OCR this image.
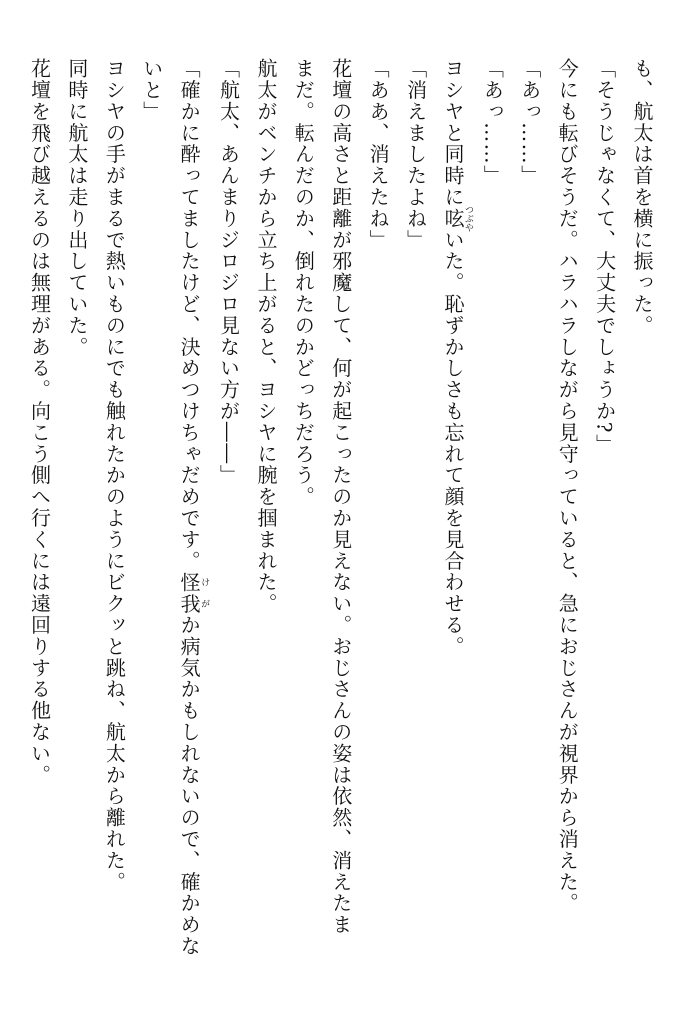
も、航太は首を横に振った。
「そうじゃなくて、大丈夫でしょうか?」
今にも転びそうだ。ハラハラしながら見守っていると、急におじさんが視界から消えた。
「あっ……」
「あっ……」
ヨシヤと同時に呟つぶやいた。恥ずかしさも忘れて顔を見合わせる。
「消えましたよね」
「ああ、消えたね」
花壇の高さと距離が邪魔して、何が起こったのか見えない。おじさんの姿は依然、消えたま
まだ。転んだのか、倒れたのかどっちだろう。
航太がベンチから立ち上がると、ヨシヤに腕を掴まれた。
「航太、あんまりジロジロ見ない方が――」
「確かに酔ってましたけど、決めつけちゃだめです。怪我けがか病気かもしれないので、確かめな
いと」
ヨシヤの手がまるで熱いものにでも触れたかのようにビクッと跳ね、航太から離れた。
同時に航太は走り出していた。
花壇を飛び越えるのは無理がある。向こう側へ行くには遠回りする他ない。
